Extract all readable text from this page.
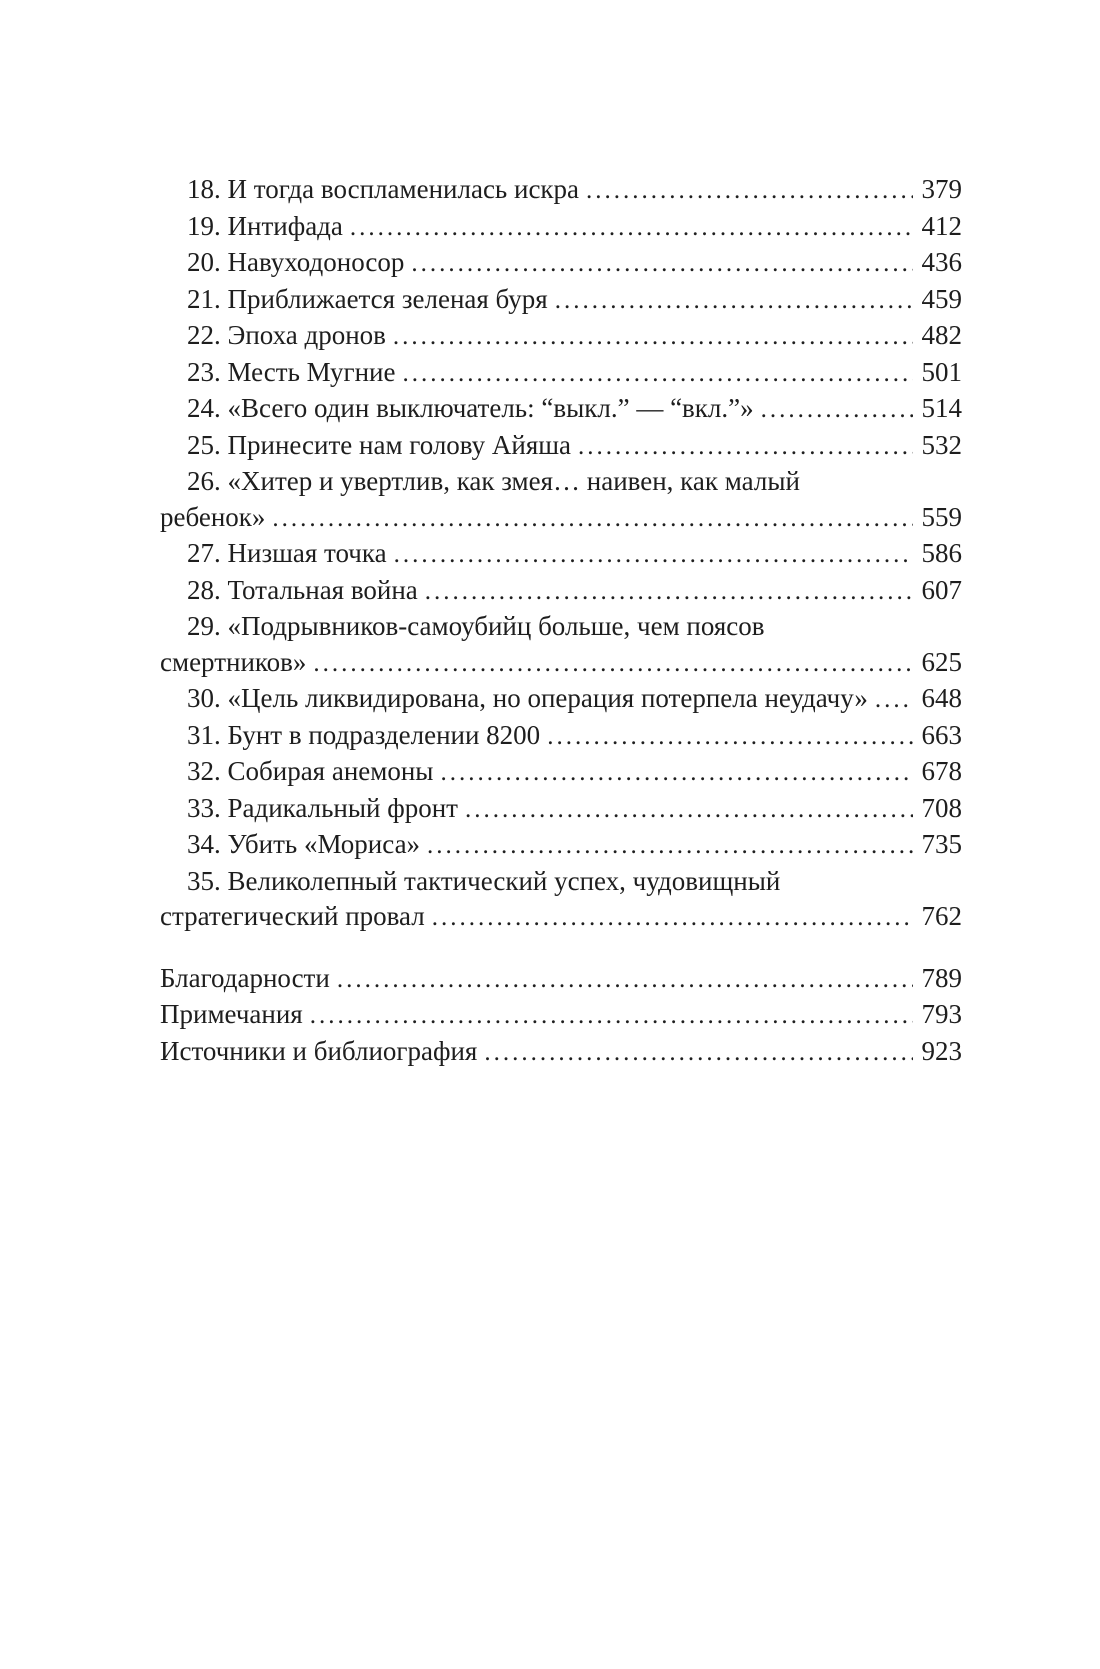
18. И тогда воспламенилась искра .....	379
19. Интифада .....	412
20. Навуходоносор .....	436
21. Приближается зеленая буря .....	459
22. Эпоха дронов .....	482
23. Месть Мугние .....	501
24. «Всего один выключатель: “выкл.” — “вкл.”» .....	514
25. Принесите нам голову Айяша .....	532
26. «Хитер и увертлив, как змея… наивен, как малый
ребенок» .....	559
27. Низшая точка .....	586
28. Тотальная война .....	607
29. «Подрывников-самоубийц больше, чем поясов
смертников» .....	625
30. «Цель ликвидирована, но операция потерпела неудачу» ..... 648
31. Бунт в подразделении 8200 .....	663
32. Собирая анемоны .....	678
33. Радикальный фронт .....	708
34. Убить «Мориса» .....	735
35. Великолепный тактический успех, чудовищный
стратегический провал .....	762
Благодарности .....	789
Примечания .....	793
Источники и библиография .....	923
